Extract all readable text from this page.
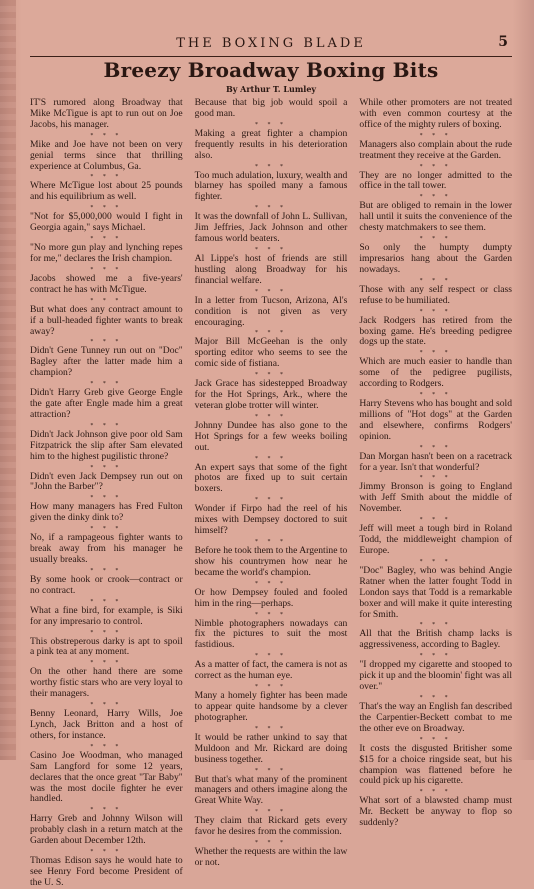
THE BOXING BLADE	5
Breezy Broadway Boxing Bits
By Arthur T. Lumley

IT'S rumored along Broadway that Mike McTigue is apt to run out on Joe Jacobs, his manager.

* * *

Mike and Joe have not been on very genial terms since that thrilling experience at Columbus, Ga.

* * *

Where McTigue lost about 25 pounds and his equilibrium as well.

* * *

"Not for $5,000,000 would I fight in Georgia again," says Michael.

* * *

"No more gun play and lynching repes for me," declares the Irish champion.

* * *

Jacobs showed me a five-years' contract he has with McTigue.

* * *

But what does any contract amount to if a bull-headed fighter wants to break away?

* * *

Didn't Gene Tunney run out on "Doc" Bagley after the latter made him a champion?

* * *

Didn't Harry Greb give George Engle the gate after Engle made him a great attraction?

* * *

Didn't Jack Johnson give poor old Sam Fitzpatrick the slip after Sam elevated him to the highest pugilistic throne?

* * *

Didn't even Jack Dempsey run out on "John the Barber"?

* * *

How many managers has Fred Fulton given the dinky dink to?

* * *

No, if a rampageous fighter wants to break away from his manager he usually breaks.

* * *

By some hook or crook—contract or no contract.

* * *

What a fine bird, for example, is Siki for any impresario to control.

* * *

This obstreperous darky is apt to spoil a pink tea at any moment.

* * *

On the other hand there are some worthy fistic stars who are very loyal to their managers.

* * *

Benny Leonard, Harry Wills, Joe Lynch, Jack Britton and a host of others, for instance.

* * *

Casino Joe Woodman, who managed Sam Langford for some 12 years, declares that the once great "Tar Baby" was the most docile fighter he ever handled.

* * *

Harry Greb and Johnny Wilson will probably clash in a return match at the Garden about December 12th.

* * *

Thomas Edison says he would hate to see Henry Ford become President of the U. S.

Because that big job would spoil a good man.

* * *

Making a great fighter a champion frequently results in his deterioration also.

* * *

Too much adulation, luxury, wealth and blarney has spoiled many a famous fighter.

* * *

It was the downfall of John L. Sullivan, Jim Jeffries, Jack Johnson and other famous world beaters.

* * *

Al Lippe's host of friends are still hustling along Broadway for his financial welfare.

* * *

In a letter from Tucson, Arizona, Al's condition is not given as very encouraging.

* * *

Major Bill McGeehan is the only sporting editor who seems to see the comic side of fistiana.

* * *

Jack Grace has sidestepped Broadway for the Hot Springs, Ark., where the veteran globe trotter will winter.

* * *

Johnny Dundee has also gone to the Hot Springs for a few weeks boiling out.

* * *

An expert says that some of the fight photos are fixed up to suit certain boxers.

* * *

Wonder if Firpo had the reel of his mixes with Dempsey doctored to suit himself?

* * *

Before he took them to the Argentine to show his countrymen how near he became the world's champion.

* * *

Or how Dempsey fouled and fooled him in the ring—perhaps.

* * *

Nimble photographers nowadays can fix the pictures to suit the most fastidious.

* * *

As a matter of fact, the camera is not as correct as the human eye.

* * *

Many a homely fighter has been made to appear quite handsome by a clever photographer.

* * *

It would be rather unkind to say that Muldoon and Mr. Rickard are doing business together.

* * *

But that's what many of the prominent managers and others imagine along the Great White Way.

* * *

They claim that Rickard gets every favor he desires from the commission.

* * *

Whether the requests are within the law or not.

While other promoters are not treated with even common courtesy at the office of the mighty rulers of boxing.

* * *

Managers also complain about the rude treatment they receive at the Garden.

* * *

They are no longer admitted to the office in the tall tower.

* * *

But are obliged to remain in the lower hall until it suits the convenience of the chesty matchmakers to see them.

* * *

So only the humpty dumpty impresarios hang about the Garden nowadays.

* * *

Those with any self respect or class refuse to be humiliated.

* * *

Jack Rodgers has retired from the boxing game. He's breeding pedigree dogs up the state.

* * *

Which are much easier to handle than some of the pedigree pugilists, according to Rodgers.

* * *

Harry Stevens who has bought and sold millions of "Hot dogs" at the Garden and elsewhere, confirms Rodgers' opinion.

* * *

Dan Morgan hasn't been on a racetrack for a year. Isn't that wonderful?

* * *

Jimmy Bronson is going to England with Jeff Smith about the middle of November.

* * *

Jeff will meet a tough bird in Roland Todd, the middleweight champion of Europe.

* * *

"Doc" Bagley, who was behind Angie Ratner when the latter fought Todd in London says that Todd is a remarkable boxer and will make it quite interesting for Smith.

* * *

All that the British champ lacks is aggressiveness, according to Bagley.

* * *

"I dropped my cigarette and stooped to pick it up and the bloomin' fight was all over."

* * *

That's the way an English fan described the Carpentier-Beckett combat to me the other eve on Broadway.

* * *

It costs the disgusted Britisher some $15 for a choice ringside seat, but his champion was flattened before he could pick up his cigarette.

* * *

What sort of a blawsted champ must Mr. Beckett be anyway to flop so suddenly?
